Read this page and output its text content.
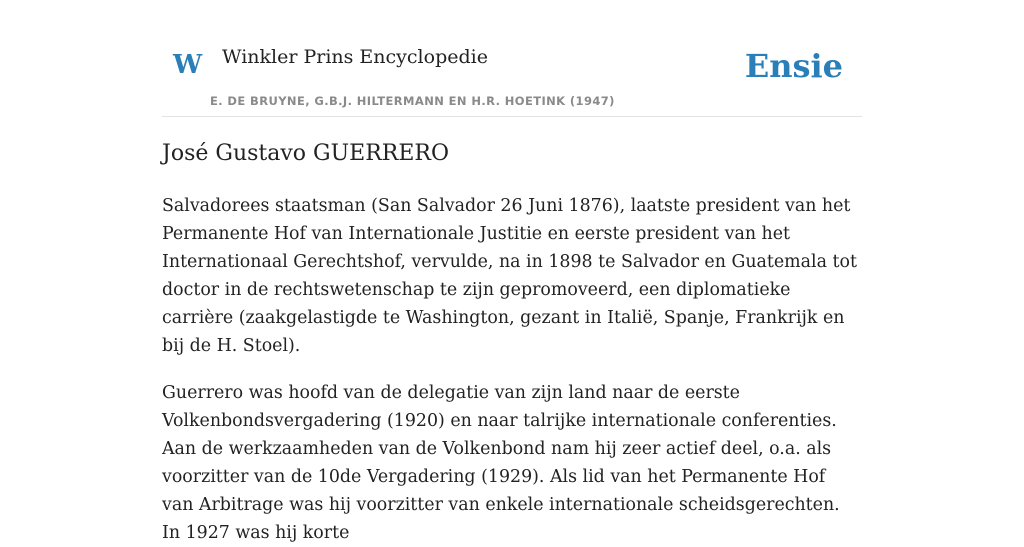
W Winkler Prins Encyclopedie
E. DE BRUYNE, G.B.J. HILTERMANN EN H.R. HOETINK (1947)
Ensie
José Gustavo GUERRERO

Salvadorees staatsman (San Salvador 26 Juni 1876), laatste president van het Permanente Hof van Internationale Justitie en eerste president van het Internationaal Gerechtshof, vervulde, na in 1898 te Salvador en Guatemala tot doctor in de rechtswetenschap te zijn gepromoveerd, een diplomatieke carrière (zaakgelastigde te Washington, gezant in Italië, Spanje, Frankrijk en bij de H. Stoel).

Guerrero was hoofd van de delegatie van zijn land naar de eerste Volkenbondsvergadering (1920) en naar talrijke internationale conferenties. Aan de werkzaamheden van de Volkenbond nam hij zeer actief deel, o.a. als voorzitter van de 10de Vergadering (1929). Als lid van het Permanente Hof van Arbitrage was hij voorzitter van enkele internationale scheidsgerechten. In 1927 was hij korte
